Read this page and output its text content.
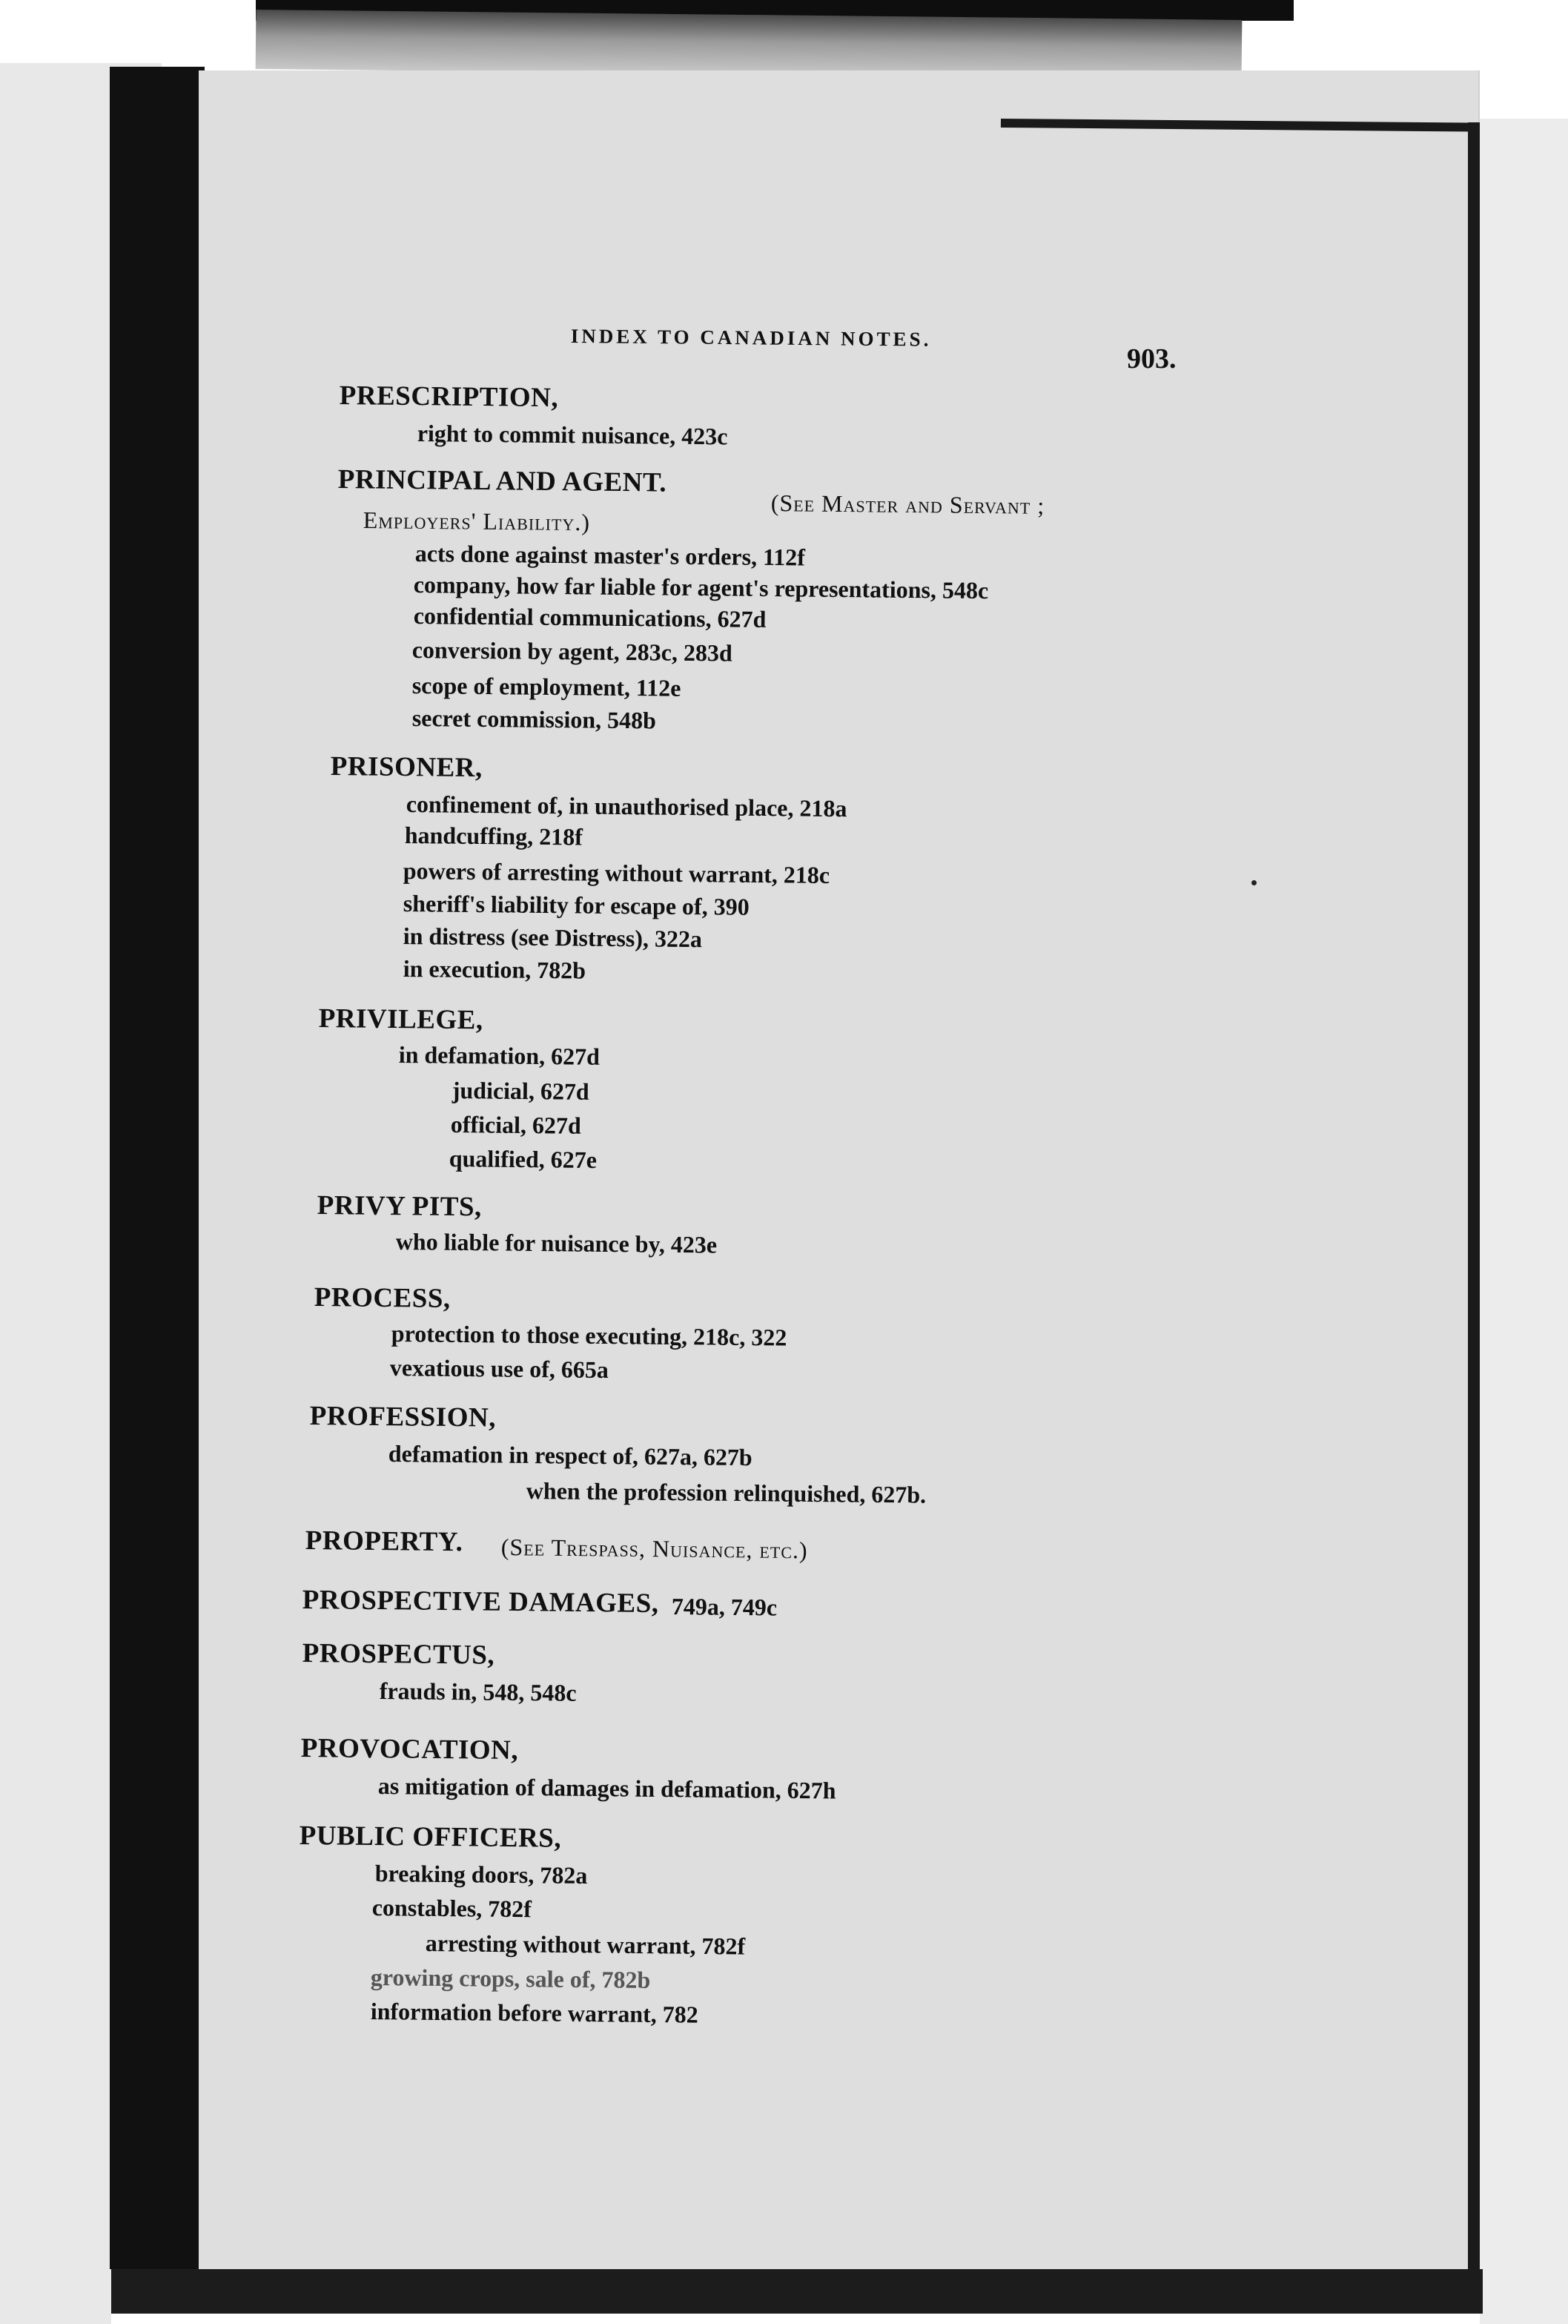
INDEX TO CANADIAN NOTES.
903.
PRESCRIPTION,
right to commit nuisance, 423c
PRINCIPAL AND AGENT.
(See Master and Servant ;
Employers' Liability.)
acts done against master's orders, 112f
company, how far liable for agent's representations, 548c
confidential communications, 627d
conversion by agent, 283c, 283d
scope of employment, 112e
secret commission, 548b
PRISONER,
confinement of, in unauthorised place, 218a
handcuffing, 218f
powers of arresting without warrant, 218c
sheriff's liability for escape of, 390
in distress (see Distress), 322a
in execution, 782b
PRIVILEGE,
in defamation, 627d
judicial, 627d
official, 627d
qualified, 627e
PRIVY PITS,
who liable for nuisance by, 423e
PROCESS,
protection to those executing, 218c, 322
vexatious use of, 665a
PROFESSION,
defamation in respect of, 627a, 627b
when the profession relinquished, 627b.
PROPERTY. (See Trespass, Nuisance, etc.)
PROSPECTIVE DAMAGES, 749a, 749c
PROSPECTUS,
frauds in, 548, 548c
PROVOCATION,
as mitigation of damages in defamation, 627h
PUBLIC OFFICERS,
breaking doors, 782a
constables, 782f
arresting without warrant, 782f
growing crops, sale of, 782b
information before warrant, 782
